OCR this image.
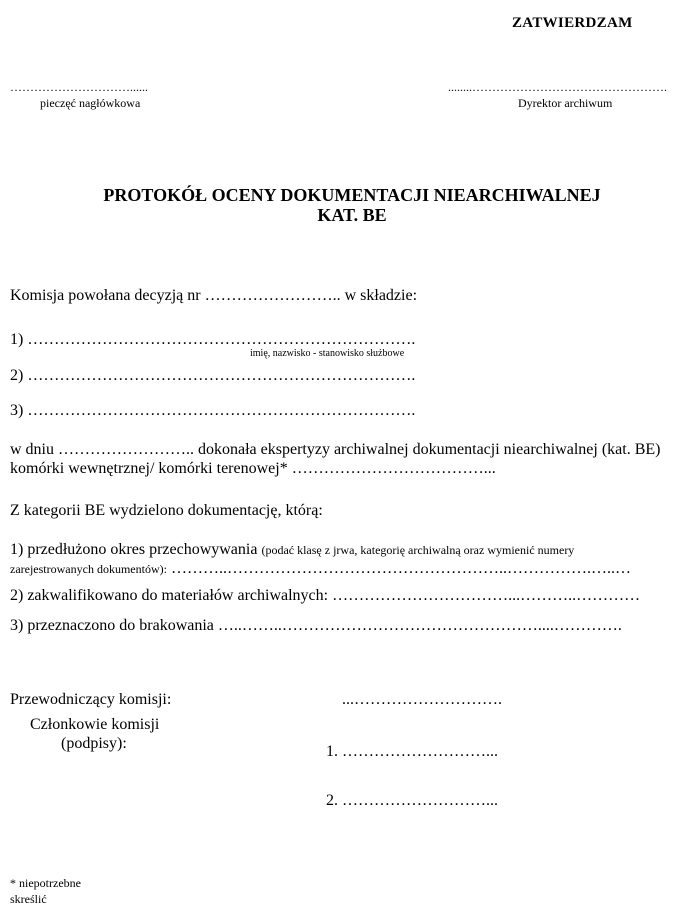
ZATWIERDZAM
…………………………......
pieczęć nagłówkowa
........………………………………………….
Dyrektor archiwum
PROTOKÓŁ OCENY DOKUMENTACJI NIEARCHIWALNEJ
KAT. BE
Komisja powołana decyzją nr …………………….. w składzie:
1) ……………………………………………………………….
imię, nazwisko - stanowisko służbowe
2) ……………………………………………………………….
3) ……………………………………………………………….
w dniu …………………….. dokonała ekspertyzy archiwalnej dokumentacji niearchiwalnej (kat. BE)
komórki wewnętrznej/ komórki terenowej* ………………………………...
Z kategorii BE wydzielono dokumentację, którą:
1) przedłużono okres przechowywania (podać klasę z jrwa, kategorię archiwalną oraz wymienić numery
zarejestrowanych dokumentów): ………..……………………………………………..…………….…..…
2) zakwalifikowano do materiałów archiwalnych: ……………………………...………..…………
3) przeznaczono do brakowania …..……..…………………………………………....………….
Przewodniczący komisji:	...……………………….
Członkowie komisji
(podpisy):	1. ………………………...
2. ………………………...
* niepotrzebne
skreślić
